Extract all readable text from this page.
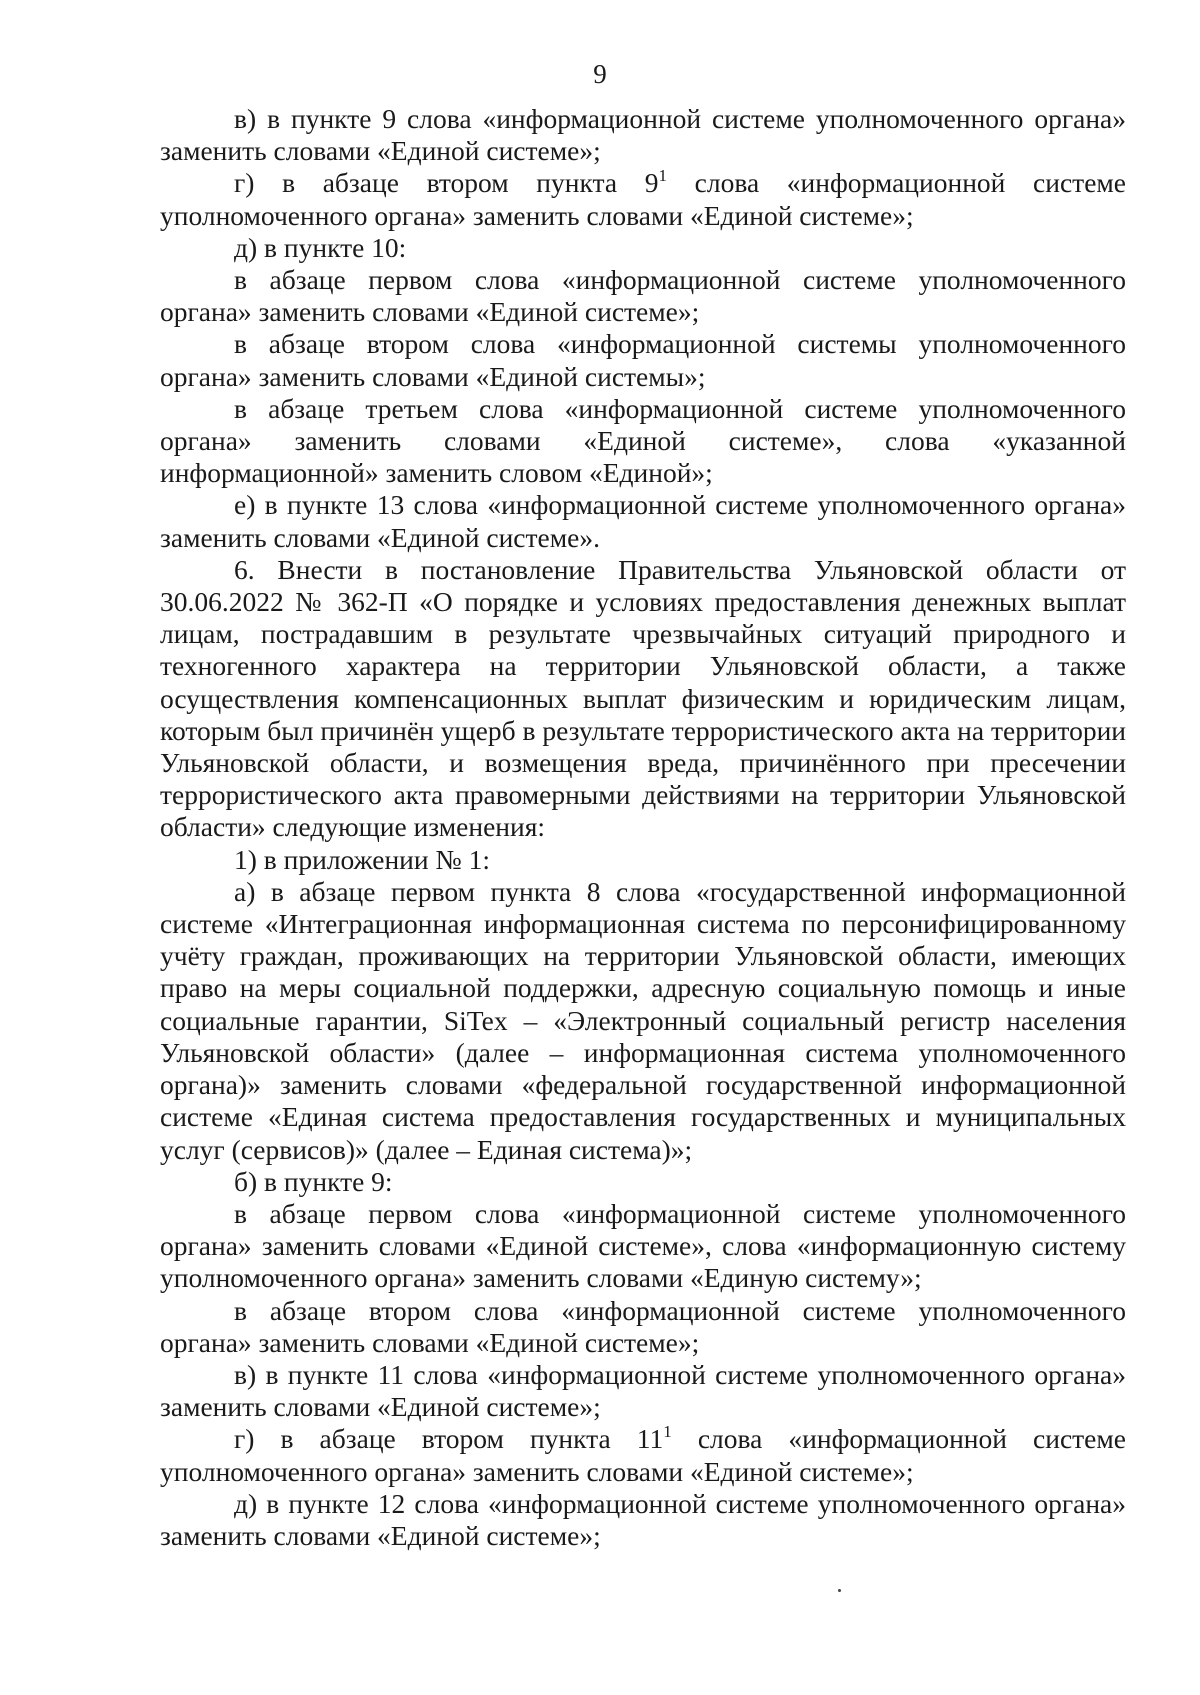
9

в) в пункте 9 слова «информационной системе уполномоченного органа» заменить словами «Единой системе»;

г) в абзаце втором пункта $9^1$ слова «информационной системе уполномоченного органа» заменить словами «Единой системе»;

д) в пункте 10:

в абзаце первом слова «информационной системе уполномоченного органа» заменить словами «Единой системе»;

в абзаце втором слова «информационной системы уполномоченного органа» заменить словами «Единой системы»;

в абзаце третьем слова «информационной системе уполномоченного органа» заменить словами «Единой системе», слова «указанной информационной» заменить словом «Единой»;

е) в пункте 13 слова «информационной системе уполномоченного органа» заменить словами «Единой системе».

6. Внести в постановление Правительства Ульяновской области от 30.06.2022 № 362-П «О порядке и условиях предоставления денежных выплат лицам, пострадавшим в результате чрезвычайных ситуаций природного и техногенного характера на территории Ульяновской области, а также осуществления компенсационных выплат физическим и юридическим лицам, которым был причинён ущерб в результате террористического акта на территории Ульяновской области, и возмещения вреда, причинённого при пресечении террористического акта правомерными действиями на территории Ульяновской области» следующие изменения:

1) в приложении № 1:

а) в абзаце первом пункта 8 слова «государственной информационной системе «Интеграционная информационная система по персонифицированному учёту граждан, проживающих на территории Ульяновской области, имеющих право на меры социальной поддержки, адресную социальную помощь и иные социальные гарантии, SiTex – «Электронный социальный регистр населения Ульяновской области» (далее – информационная система уполномоченного органа)» заменить словами «федеральной государственной информационной системе «Единая система предоставления государственных и муниципальных услуг (сервисов)» (далее – Единая система)»;

б) в пункте 9:

в абзаце первом слова «информационной системе уполномоченного органа» заменить словами «Единой системе», слова «информационную систему уполномоченного органа» заменить словами «Единую систему»;

в абзаце втором слова «информационной системе уполномоченного органа» заменить словами «Единой системе»;

в) в пункте 11 слова «информационной системе уполномоченного органа» заменить словами «Единой системе»;

г) в абзаце втором пункта $11^1$ слова «информационной системе уполномоченного органа» заменить словами «Единой системе»;

д) в пункте 12 слова «информационной системе уполномоченного органа» заменить словами «Единой системе»;
